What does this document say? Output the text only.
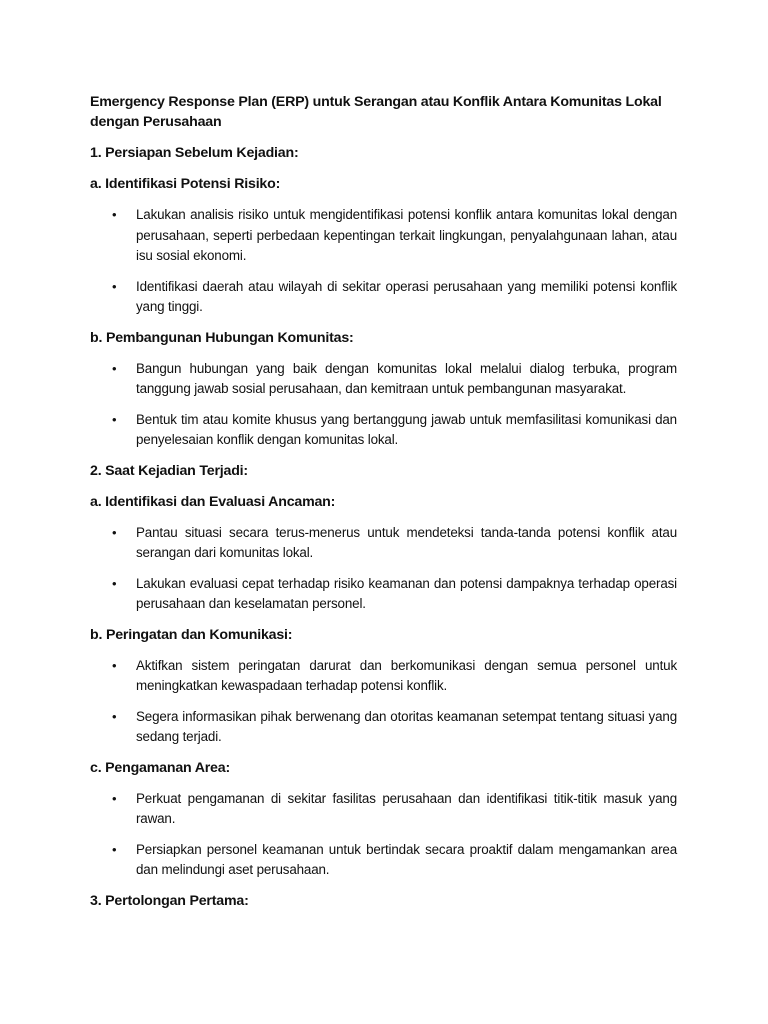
Emergency Response Plan (ERP) untuk Serangan atau Konflik Antara Komunitas Lokal dengan Perusahaan
1. Persiapan Sebelum Kejadian:
a. Identifikasi Potensi Risiko:
• Lakukan analisis risiko untuk mengidentifikasi potensi konflik antara komunitas lokal dengan perusahaan, seperti perbedaan kepentingan terkait lingkungan, penyalahgunaan lahan, atau isu sosial ekonomi.
• Identifikasi daerah atau wilayah di sekitar operasi perusahaan yang memiliki potensi konflik yang tinggi.
b. Pembangunan Hubungan Komunitas:
• Bangun hubungan yang baik dengan komunitas lokal melalui dialog terbuka, program tanggung jawab sosial perusahaan, dan kemitraan untuk pembangunan masyarakat.
• Bentuk tim atau komite khusus yang bertanggung jawab untuk memfasilitasi komunikasi dan penyelesaian konflik dengan komunitas lokal.
2. Saat Kejadian Terjadi:
a. Identifikasi dan Evaluasi Ancaman:
• Pantau situasi secara terus-menerus untuk mendeteksi tanda-tanda potensi konflik atau serangan dari komunitas lokal.
• Lakukan evaluasi cepat terhadap risiko keamanan dan potensi dampaknya terhadap operasi perusahaan dan keselamatan personel.
b. Peringatan dan Komunikasi:
• Aktifkan sistem peringatan darurat dan berkomunikasi dengan semua personel untuk meningkatkan kewaspadaan terhadap potensi konflik.
• Segera informasikan pihak berwenang dan otoritas keamanan setempat tentang situasi yang sedang terjadi.
c. Pengamanan Area:
• Perkuat pengamanan di sekitar fasilitas perusahaan dan identifikasi titik-titik masuk yang rawan.
• Persiapkan personel keamanan untuk bertindak secara proaktif dalam mengamankan area dan melindungi aset perusahaan.
3. Pertolongan Pertama:
